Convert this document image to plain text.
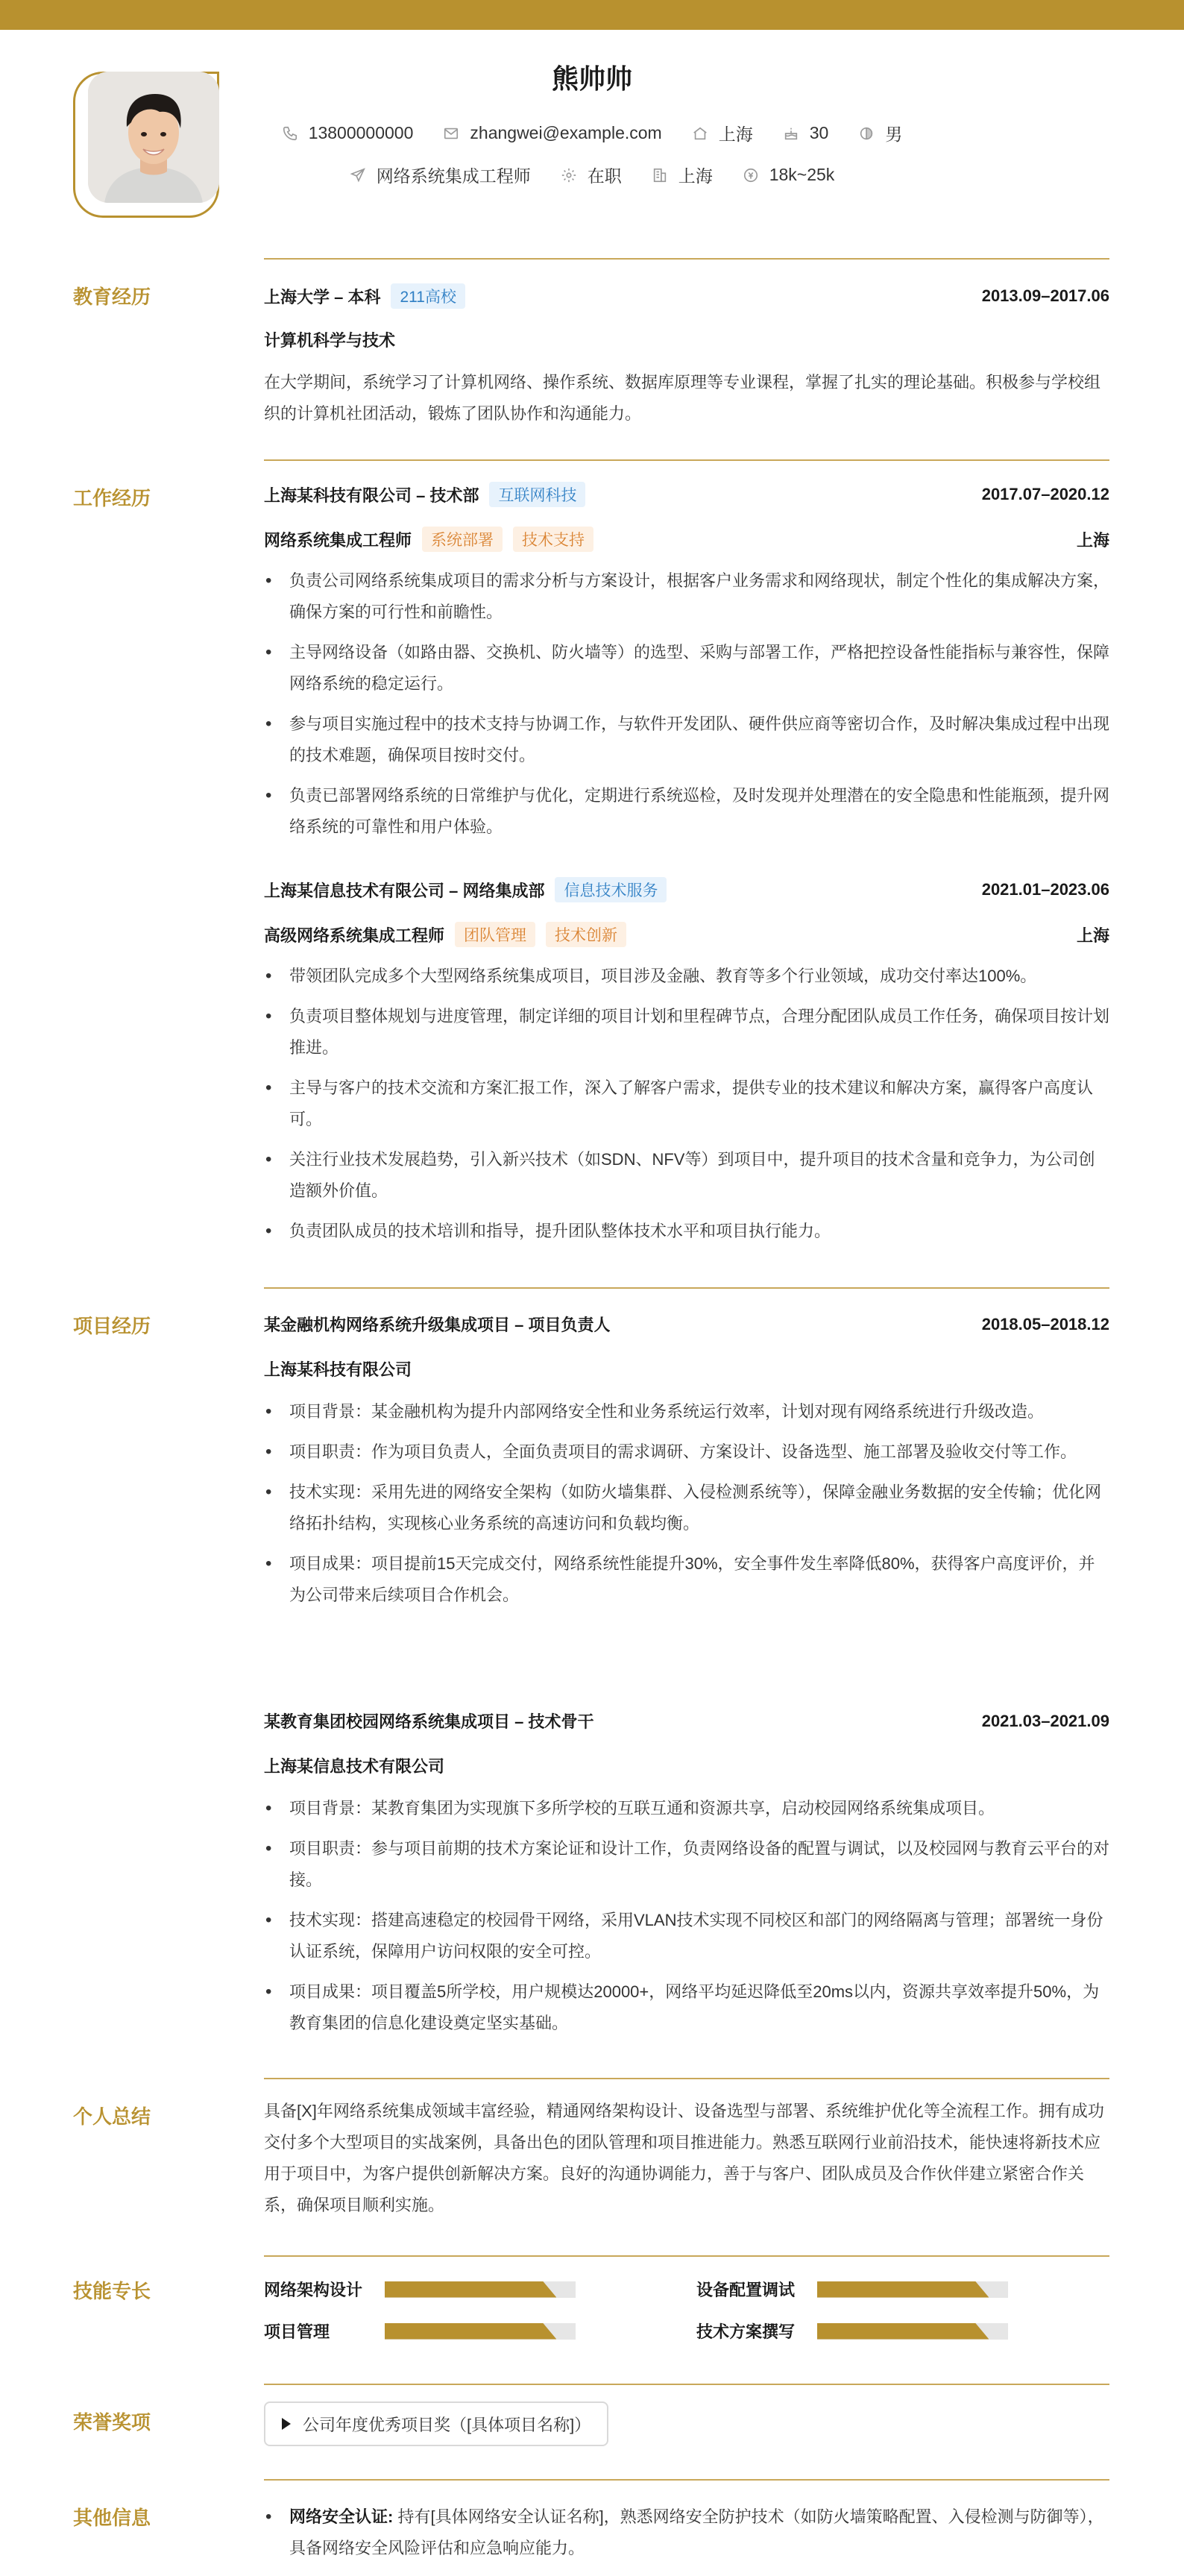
熊帅帅
13800000000	zhangwei@example.com	上海	30	男
网络系统集成工程师	在职	上海	18k~25k
教育经历	上海大学 – 本科	211高校	2013.09–2017.06
计算机科学与技术
在大学期间，系统学习了计算机网络、操作系统、数据库原理等专业课程，掌握了扎实的理论基础。积极参与学校组织的计算机社团活动，锻炼了团队协作和沟通能力。
工作经历	上海某科技有限公司 – 技术部	互联网科技	2017.07–2020.12
网络系统集成工程师	系统部署	技术支持	上海
• 负责公司网络系统集成项目的需求分析与方案设计，根据客户业务需求和网络现状，制定个性化的集成解决方案，确保方案的可行性和前瞻性。
• 主导网络设备（如路由器、交换机、防火墙等）的选型、采购与部署工作，严格把控设备性能指标与兼容性，保障网络系统的稳定运行。
• 参与项目实施过程中的技术支持与协调工作，与软件开发团队、硬件供应商等密切合作，及时解决集成过程中出现的技术难题，确保项目按时交付。
• 负责已部署网络系统的日常维护与优化，定期进行系统巡检，及时发现并处理潜在的安全隐患和性能瓶颈，提升网络系统的可靠性和用户体验。
上海某信息技术有限公司 – 网络集成部	信息技术服务	2021.01–2023.06
高级网络系统集成工程师	团队管理	技术创新	上海
• 带领团队完成多个大型网络系统集成项目，项目涉及金融、教育等多个行业领域，成功交付率达100%。
• 负责项目整体规划与进度管理，制定详细的项目计划和里程碑节点，合理分配团队成员工作任务，确保项目按计划推进。
• 主导与客户的技术交流和方案汇报工作，深入了解客户需求，提供专业的技术建议和解决方案，赢得客户高度认可。
• 关注行业技术发展趋势，引入新兴技术（如SDN、NFV等）到项目中，提升项目的技术含量和竞争力，为公司创造额外价值。
• 负责团队成员的技术培训和指导，提升团队整体技术水平和项目执行能力。
项目经历	某金融机构网络系统升级集成项目 – 项目负责人	2018.05–2018.12
上海某科技有限公司
• 项目背景：某金融机构为提升内部网络安全性和业务系统运行效率，计划对现有网络系统进行升级改造。
• 项目职责：作为项目负责人，全面负责项目的需求调研、方案设计、设备选型、施工部署及验收交付等工作。
• 技术实现：采用先进的网络安全架构（如防火墙集群、入侵检测系统等），保障金融业务数据的安全传输；优化网络拓扑结构，实现核心业务系统的高速访问和负载均衡。
• 项目成果：项目提前15天完成交付，网络系统性能提升30%，安全事件发生率降低80%，获得客户高度评价，并为公司带来后续项目合作机会。
某教育集团校园网络系统集成项目 – 技术骨干	2021.03–2021.09
上海某信息技术有限公司
• 项目背景：某教育集团为实现旗下多所学校的互联互通和资源共享，启动校园网络系统集成项目。
• 项目职责：参与项目前期的技术方案论证和设计工作，负责网络设备的配置与调试，以及校园网与教育云平台的对接。
• 技术实现：搭建高速稳定的校园骨干网络，采用VLAN技术实现不同校区和部门的网络隔离与管理；部署统一身份认证系统，保障用户访问权限的安全可控。
• 项目成果：项目覆盖5所学校，用户规模达20000+，网络平均延迟降低至20ms以内，资源共享效率提升50%，为教育集团的信息化建设奠定坚实基础。
个人总结	具备[X]年网络系统集成领域丰富经验，精通网络架构设计、设备选型与部署、系统维护优化等全流程工作。拥有成功交付多个大型项目的实战案例，具备出色的团队管理和项目推进能力。熟悉互联网行业前沿技术，能快速将新技术应用于项目中，为客户提供创新解决方案。良好的沟通协调能力，善于与客户、团队成员及合作伙伴建立紧密合作关系，确保项目顺利实施。
技能专长	网络架构设计	设备配置调试
项目管理	技术方案撰写
荣誉奖项	公司年度优秀项目奖（[具体项目名称]）
其他信息
•	网络安全认证: 持有[具体网络安全认证名称]，熟悉网络安全防护技术（如防火墙策略配置、入侵检测与防御等），具备网络安全风险评估和应急响应能力。
